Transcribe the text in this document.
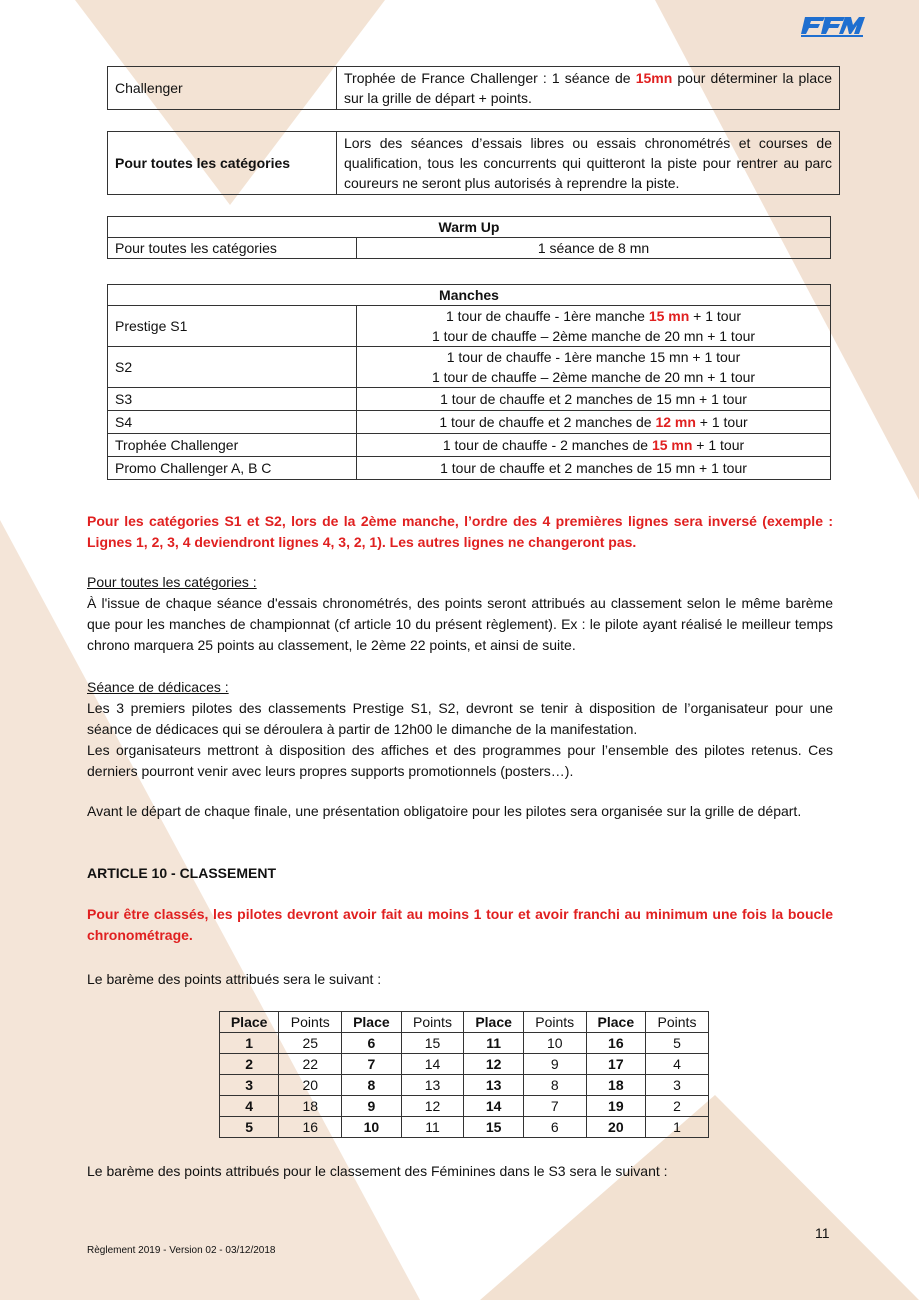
Challenger	Trophée de France Challenger : 1 séance de 15mn pour déterminer la place sur la grille de départ + points.
Pour toutes les catégories	Lors des séances d’essais libres ou essais chronométrés et courses de qualification, tous les concurrents qui quitteront la piste pour rentrer au parc coureurs ne seront plus autorisés à reprendre la piste.
Warm Up
Pour toutes les catégories	1 séance de 8 mn
Manches	
Prestige S1	1 tour de chauffe - 1ère manche 15 mn + 1 tour
1 tour de chauffe – 2ème manche de 20 mn + 1 tour
S2	1 tour de chauffe - 1ère manche 15 mn + 1 tour
1 tour de chauffe – 2ème manche de 20 mn + 1 tour
S3	1 tour de chauffe et 2 manches de 15 mn + 1 tour
S4	1 tour de chauffe et 2 manches de 12 mn + 1 tour
Trophée Challenger	1 tour de chauffe - 2 manches de 15 mn + 1 tour
Promo Challenger A, B C	1 tour de chauffe et 2 manches de 15 mn + 1 tour
Pour les catégories S1 et S2, lors de la 2ème manche, l’ordre des 4 premières lignes sera inversé (exemple : Lignes 1, 2, 3, 4 deviendront lignes 4, 3, 2, 1). Les autres lignes ne changeront pas.
Pour toutes les catégories :
À l'issue de chaque séance d'essais chronométrés, des points seront attribués au classement selon le même barème que pour les manches de championnat (cf article 10 du présent règlement). Ex : le pilote ayant réalisé le meilleur temps chrono marquera 25 points au classement, le 2ème 22 points, et ainsi de suite.
Séance de dédicaces :
Les 3 premiers pilotes des classements Prestige S1, S2, devront se tenir à disposition de l’organisateur pour une séance de dédicaces qui se déroulera à partir de 12h00 le dimanche de la manifestation.
Les organisateurs mettront à disposition des affiches et des programmes pour l’ensemble des pilotes retenus. Ces derniers pourront venir avec leurs propres supports promotionnels (posters…).
Avant le départ de chaque finale, une présentation obligatoire pour les pilotes sera organisée sur la grille de départ.
ARTICLE 10 - CLASSEMENT
Pour être classés, les pilotes devront avoir fait au moins 1 tour et avoir franchi au minimum une fois la boucle chronométrage.
Le barème des points attribués sera le suivant :
Place	Points	Place	Points	Place	Points	Place	Points
1	25	6	15	11	10	16	5
2	22	7	14	12	9	17	4
3	20	8	13	13	8	18	3
4	18	9	12	14	7	19	2
5	16	10	11	15	6	20	1
Le barème des points attribués pour le classement des Féminines dans le S3 sera le suivant :
11
Règlement 2019 - Version 02 - 03/12/2018
